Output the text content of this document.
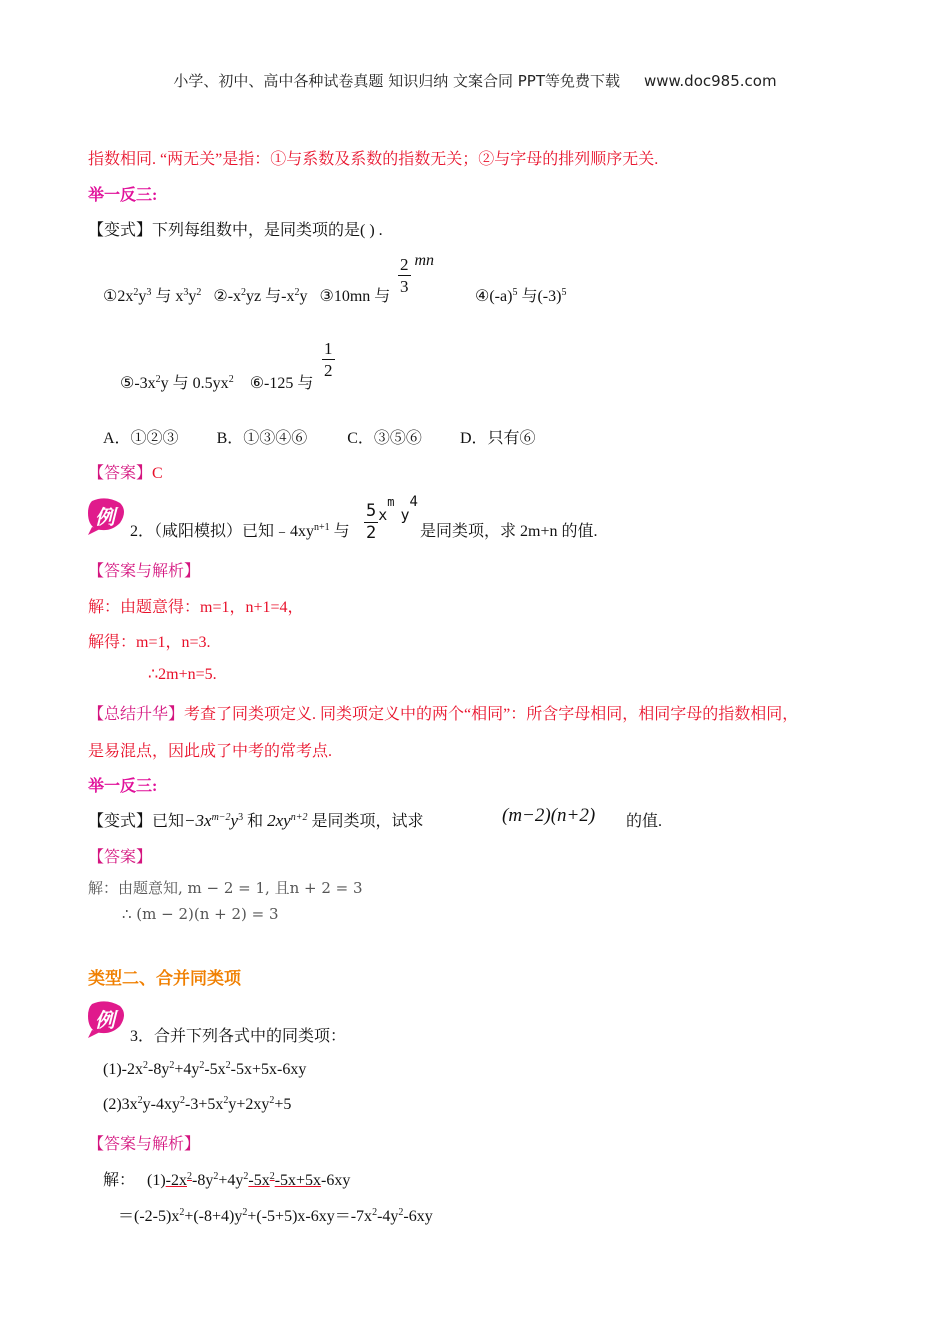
小学、初中、高中各种试卷真题 知识归纳 文案合同 PPT等免费下载 www.doc985.com
指数相同. “两无关”是指：①与系数及系数的指数无关；②与字母的排列顺序无关.
举一反三:
【变式】下列每组数中，是同类项的是( ) .
$①2x^2y^3$ 与 $x^3y^2$ $②-x^2yz$ 与$-x^2y$ ③10mn 与
$\frac{2}{3}$ mn
$④(-a)^5$ 与$(-3)^5$
$⑤-3x^2y$ 与 $0.5yx^2$ ⑥-125 与
$\frac{1}{2}$
A．①②③ B．①③④⑥	C．③⑤⑥ D．只有⑥
【答案】C
例
2．（咸阳模拟）已知$﹣4xy^{n+1}$ 与 $\frac{5}{2} x^my4$
是同类项，求 2m+n 的值.
【答案与解析】
解：由题意得：m=1，n+1=4，
解得：m=1，n=3.
∴2m+n=5.
【总结升华】考查了同类项定义. 同类项定义中的两个“相同”：所含字母相同，相同字母的指数相同，
是易混点，因此成了中考的常考点.
举一反三:
【变式】已知$-3x^{m-2}y^3$ 和 $2xy^{n+2}$ 是同类项，试求	(m−2)(n+2) 的值.
【答案】
解：由题意知, m − 2 = 1, 且n + 2 = 3
∴ (m − 2)(n + 2) = 3
类型二、合并同类项
例
3．合并下列各式中的同类项：
$(1)-2x^2-8y^2+4y^2-5x^2-5x+5x-6xy$
$(2)3x^2y-4xy^2-3+5x^2y+2xy^2+5$
【答案与解析】
解： $(1)-2x^2-8y^2+4y^2-5x^2-5x+5x-6xy$
$=(-2-5)x^2+(-8+4)y^2+(-5+5)x-6xy=-7x^2-4y^2-6xy$
